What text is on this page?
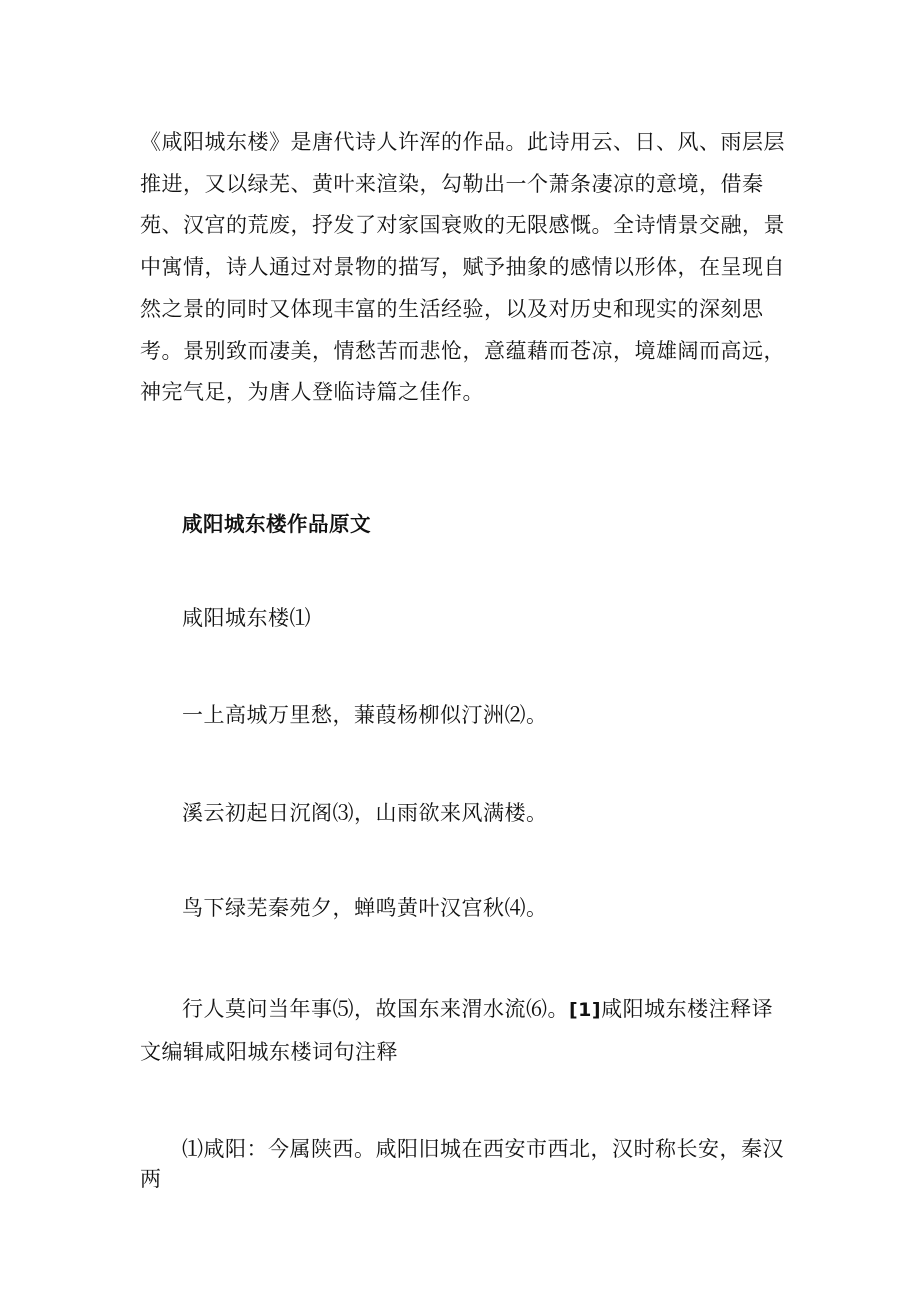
《咸阳城东楼》是唐代诗人许浑的作品。此诗用云、日、风、雨层层推进，又以绿芜、黄叶来渲染，勾勒出一个萧条凄凉的意境，借秦苑、汉宫的荒废，抒发了对家国衰败的无限感慨。全诗情景交融，景中寓情，诗人通过对景物的描写，赋予抽象的感情以形体，在呈现自然之景的同时又体现丰富的生活经验，以及对历史和现实的深刻思考。景别致而凄美，情愁苦而悲怆，意蕴藉而苍凉，境雄阔而高远，神完气足，为唐人登临诗篇之佳作。

咸阳城东楼作品原文

咸阳城东楼⑴

一上高城万里愁，蒹葭杨柳似汀洲⑵。

溪云初起日沉阁⑶，山雨欲来风满楼。

鸟下绿芜秦苑夕，蝉鸣黄叶汉宫秋⑷。

行人莫问当年事⑸，故国东来渭水流⑹。[1]咸阳城东楼注释译文编辑咸阳城东楼词句注释

⑴咸阳：今属陕西。咸阳旧城在西安市西北，汉时称长安，秦汉两
